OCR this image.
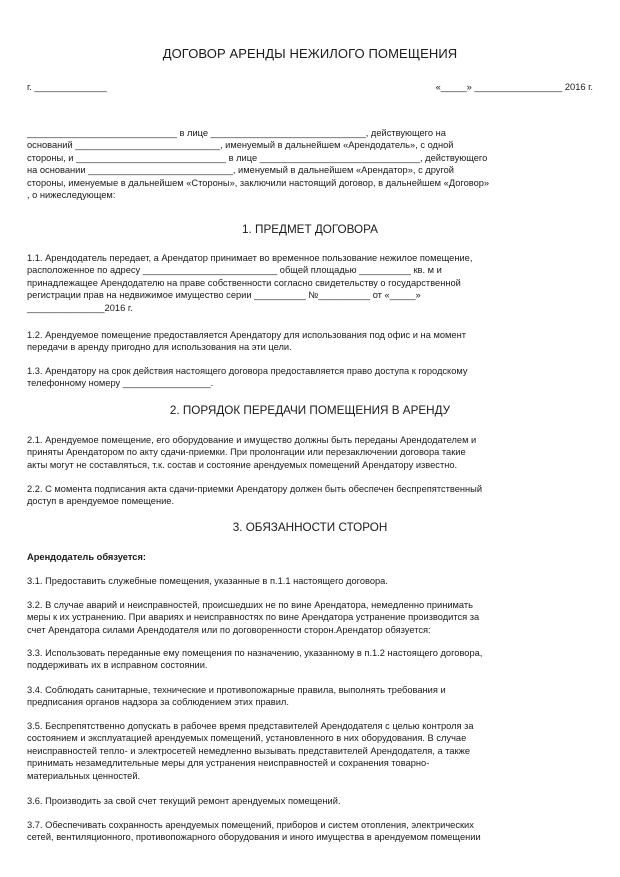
ДОГОВОР АРЕНДЫ НЕЖИЛОГО ПОМЕЩЕНИЯ
г. ______________	«_____» _________________ 2016 г.
_____________________________ в лице ______________________________, действующего на
оснований ____________________________, именуемый в дальнейшем «Арендодатель», с одной
стороны, и _____________________________ в лице _______________________________, действующего
на основании ____________________________, именуемый в дальнейшем «Арендатор», с другой
стороны, именуемые в дальнейшем «Стороны», заключили настоящий договор, в дальнейшем «Договор»
, о нижеследующем:
1. ПРЕДМЕТ ДОГОВОРА
1.1. Арендодатель передает, а Арендатор принимает во временное пользование нежилое помещение,
расположенное по адресу __________________________ общей площадью __________ кв. м и
принадлежащее Арендодателю на праве собственности согласно свидетельству о государственной
регистрации прав на недвижимое имущество серии __________ №__________ от «_____»
_______________2016 г.
1.2. Арендуемое помещение предоставляется Арендатору для использования под офис и на момент
передачи в аренду пригодно для использования на эти цели.
1.3. Арендатору на срок действия настоящего договора предоставляется право доступа к городскому
телефонному номеру _________________.
2. ПОРЯДОК ПЕРЕДАЧИ ПОМЕЩЕНИЯ В АРЕНДУ
2.1. Арендуемое помещение, его оборудование и имущество должны быть переданы Арендодателем и
приняты Арендатором по акту сдачи-приемки. При пролонгации или перезаключении договора такие
акты могут не составляться, т.к. состав и состояние арендуемых помещений Арендатору известно.
2.2. С момента подписания акта сдачи-приемки Арендатору должен быть обеспечен беспрепятственный
доступ в арендуемое помещение.
3. ОБЯЗАННОСТИ СТОРОН
Арендодатель обязуется:
3.1. Предоставить служебные помещения, указанные в п.1.1 настоящего договора.
3.2. В случае аварий и неисправностей, происшедших не по вине Арендатора, немедленно принимать
меры к их устранению. При авариях и неисправностях по вине Арендатора устранение производится за
счет Арендатора силами Арендодателя или по договоренности сторон.Арендатор обязуется:
3.3. Использовать переданные ему помещения по назначению, указанному в п.1.2 настоящего договора,
поддерживать их в исправном состоянии.
3.4. Соблюдать санитарные, технические и противопожарные правила, выполнять требования и
предписания органов надзора за соблюдением этих правил.
3.5. Беспрепятственно допускать в рабочее время представителей Арендодателя с целью контроля за
состоянием и эксплуатацией арендуемых помещений, установленного в них оборудования. В случае
неисправностей тепло- и электросетей немедленно вызывать представителей Арендодателя, а также
принимать незамедлительные меры для устранения неисправностей и сохранения товарно-
материальных ценностей.
3.6. Производить за свой счет текущий ремонт арендуемых помещений.
3.7. Обеспечивать сохранность арендуемых помещений, приборов и систем отопления, электрических
сетей, вентиляционного, противопожарного оборудования и иного имущества в арендуемом помещении
